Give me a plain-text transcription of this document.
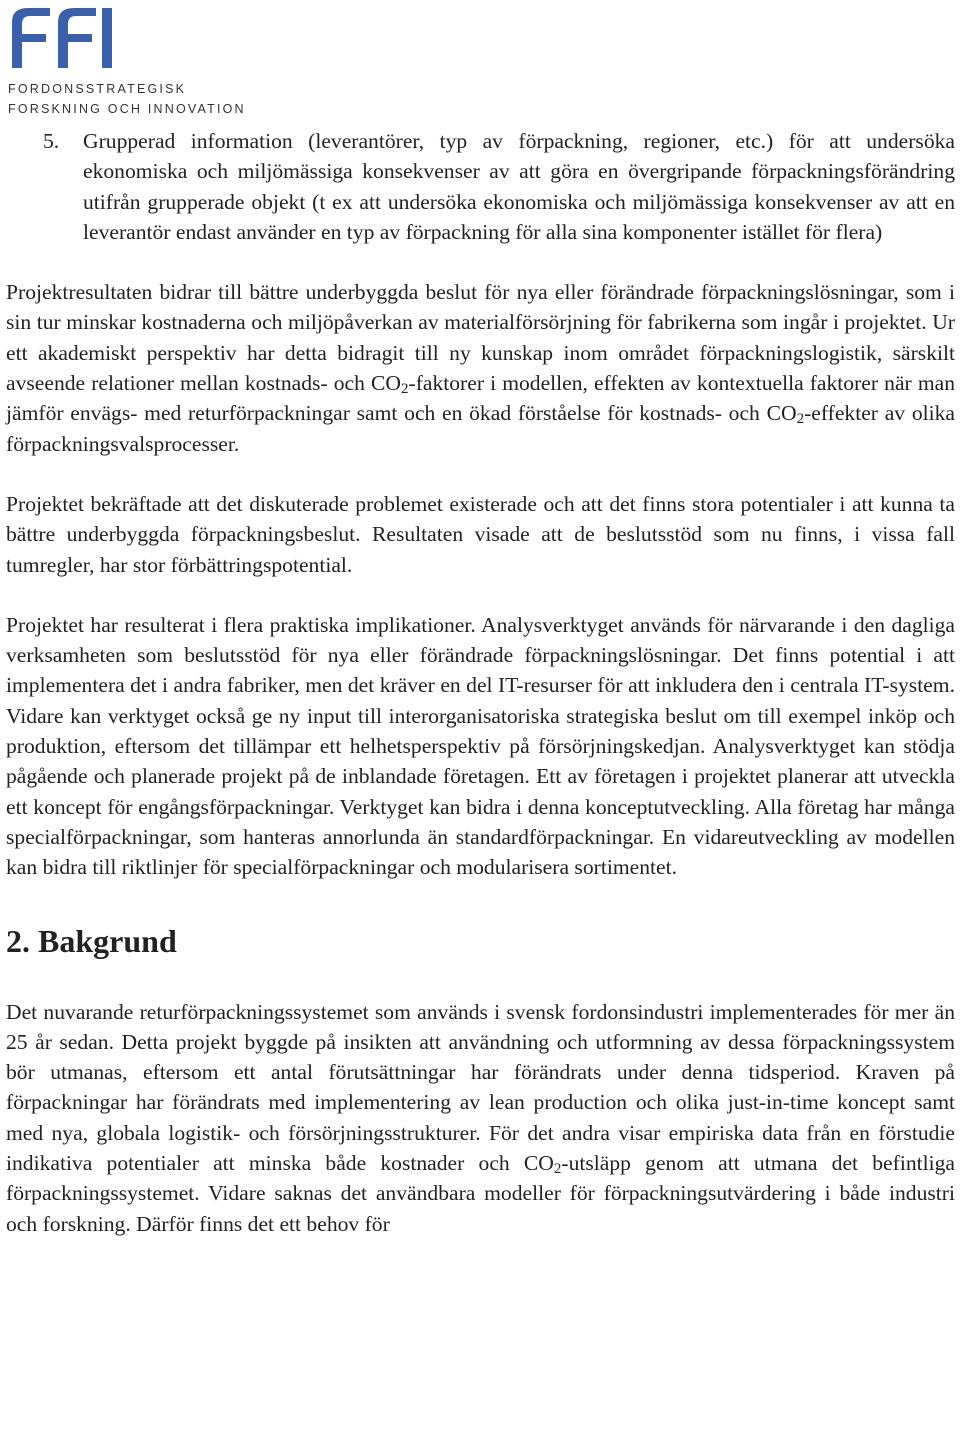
FORDONSSTRATEGISK
FORSKNING OCH INNOVATION
5. Grupperad information (leverantörer, typ av förpackning, regioner, etc.) för att undersöka ekonomiska och miljömässiga konsekvenser av att göra en övergripande förpackningsförändring utifrån grupperade objekt (t ex att undersöka ekonomiska och miljömässiga konsekvenser av att en leverantör endast använder en typ av förpackning för alla sina komponenter istället för flera)

Projektresultaten bidrar till bättre underbyggda beslut för nya eller förändrade förpackningslösningar, som i sin tur minskar kostnaderna och miljöpåverkan av materialförsörjning för fabrikerna som ingår i projektet. Ur ett akademiskt perspektiv har detta bidragit till ny kunskap inom området förpackningslogistik, särskilt avseende relationer mellan kostnads- och $CO_2$-faktorer i modellen, effekten av kontextuella faktorer när man jämför envägs- med returförpackningar samt och en ökad förståelse för kostnads- och $CO_2$-effekter av olika förpackningsvalsprocesser.

Projektet bekräftade att det diskuterade problemet existerade och att det finns stora potentialer i att kunna ta bättre underbyggda förpackningsbeslut. Resultaten visade att de beslutsstöd som nu finns, i vissa fall tumregler, har stor förbättringspotential.

Projektet har resulterat i flera praktiska implikationer. Analysverktyget används för närvarande i den dagliga verksamheten som beslutsstöd för nya eller förändrade förpackningslösningar. Det finns potential i att implementera det i andra fabriker, men det kräver en del IT-resurser för att inkludera den i centrala IT-system. Vidare kan verktyget också ge ny input till interorganisatoriska strategiska beslut om till exempel inköp och produktion, eftersom det tillämpar ett helhetsperspektiv på försörjningskedjan. Analysverktyget kan stödja pågående och planerade projekt på de inblandade företagen. Ett av företagen i projektet planerar att utveckla ett koncept för engångsförpackningar. Verktyget kan bidra i denna konceptutveckling. Alla företag har många specialförpackningar, som hanteras annorlunda än standardförpackningar. En vidareutveckling av modellen kan bidra till riktlinjer för specialförpackningar och modularisera sortimentet.

2. Bakgrund

Det nuvarande returförpackningssystemet som används i svensk fordonsindustri implementerades för mer än 25 år sedan. Detta projekt byggde på insikten att användning och utformning av dessa förpackningssystem bör utmanas, eftersom ett antal förutsättningar har förändrats under denna tidsperiod. Kraven på förpackningar har förändrats med implementering av lean production och olika just-in-time koncept samt med nya, globala logistik- och försörjningsstrukturer. För det andra visar empiriska data från en förstudie indikativa potentialer att minska både kostnader och $CO_2$-utsläpp genom att utmana det befintliga förpackningssystemet. Vidare saknas det användbara modeller för förpackningsutvärdering i både industri och forskning. Därför finns det ett behov för
